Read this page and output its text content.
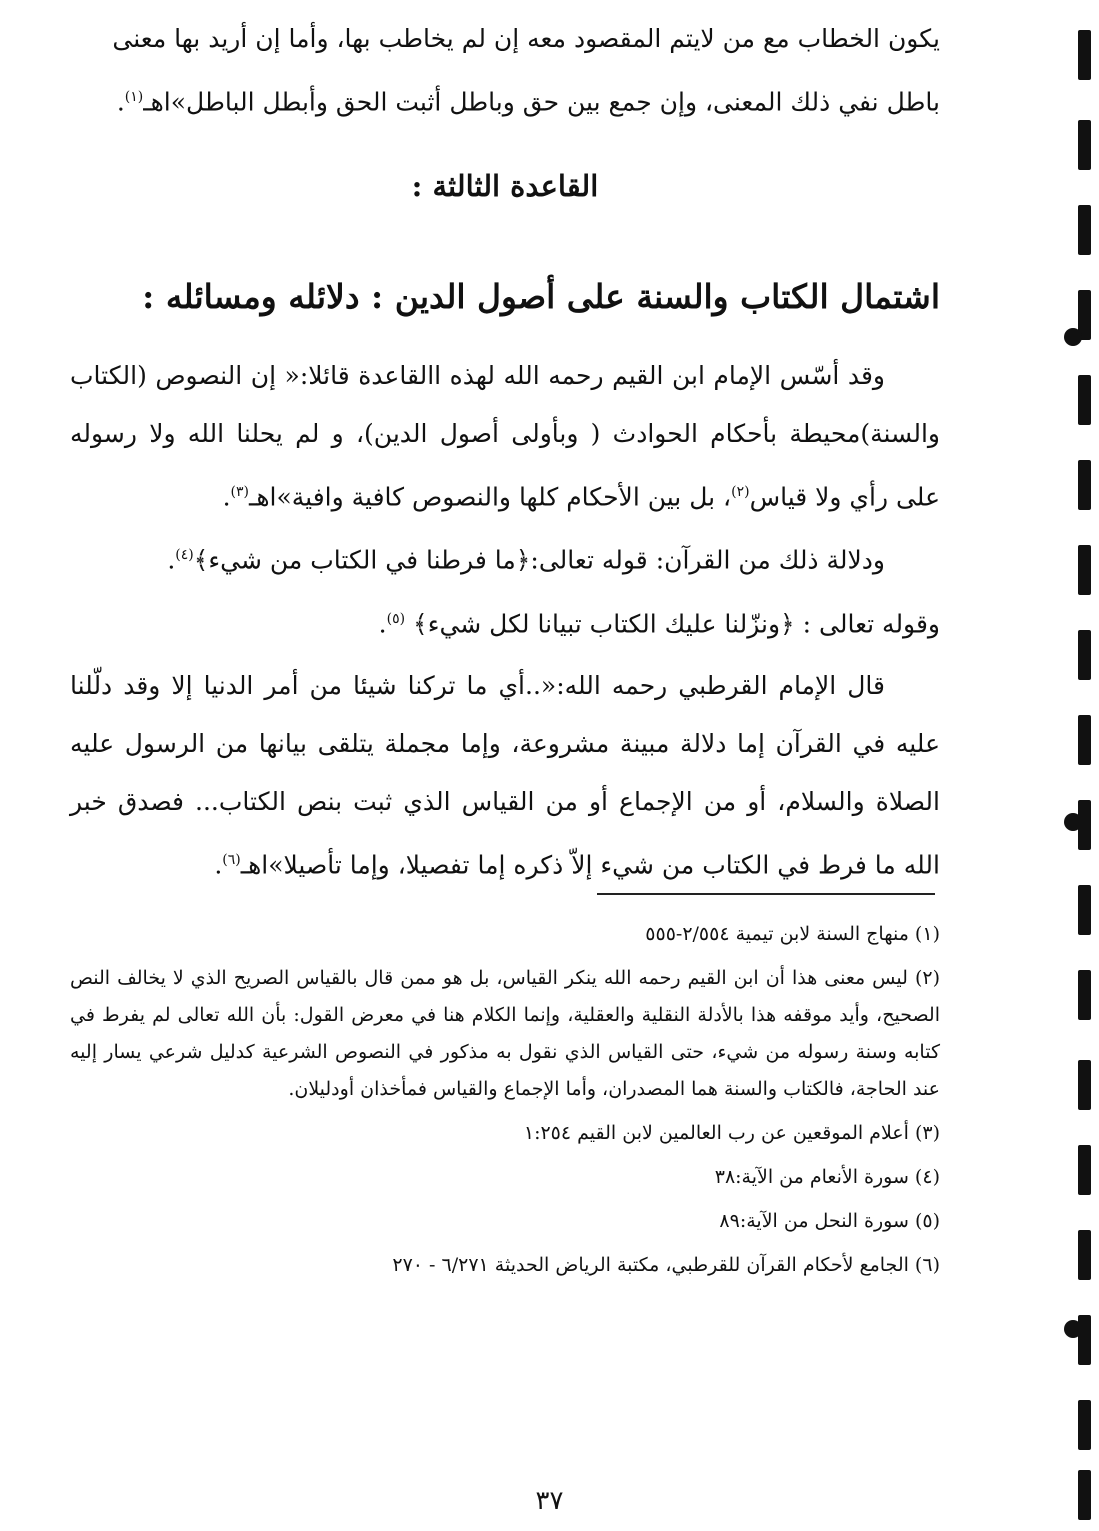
يكون الخطاب مع من لايتم المقصود معه إن لم يخاطب بها، وأما إن أريد بها معنى

باطل نفي ذلك المعنى، وإن جمع بين حق وباطل أثبت الحق وأبطل الباطل»اهـ$^{(١)}$.

القاعدة الثالثة :
اشتمال الكتاب والسنة على أصول الدين : دلائله ومسائله :

وقد أسّس الإمام ابن القيم رحمه الله لهذه االقاعدة قائلا:« إن النصوص (الكتاب والسنة)محيطة بأحكام الحوادث ( وبأولى أصول الدين)، و لم يحلنا الله ولا رسوله على رأي ولا قياس$^{(٢)}$، بل بين الأحكام كلها والنصوص كافية وافية»اهـ$^{(٣)}$.

ودلالة ذلك من القرآن: قوله تعالى:﴿ما فرطنا في الكتاب من شيء﴾$^{(٤)}$.

وقوله تعالى : ﴿ونزّلنا عليك الكتاب تبيانا لكل شيء﴾ $^{(٥)}$.

قال الإمام القرطبي رحمه الله:«..أي ما تركنا شيئا من أمر الدنيا إلا وقد دلّلنا عليه في القرآن إما دلالة مبينة مشروعة، وإما مجملة يتلقى بيانها من الرسول عليه الصلاة والسلام، أو من الإجماع أو من القياس الذي ثبت بنص الكتاب... فصدق خبر الله ما فرط في الكتاب من شيء إلاّ ذكره إما تفصيلا، وإما تأصيلا»اهـ$^{(٦)}$.

(١) منهاج السنة لابن تيمية ٢/٥٥٤-٥٥٥

(٢) ليس معنى هذا أن ابن القيم رحمه الله ينكر القياس، بل هو ممن قال بالقياس الصريح الذي لا يخالف النص الصحيح، وأيد موقفه هذا بالأدلة النقلية والعقلية، وإنما الكلام هنا في معرض القول: بأن الله تعالى لم يفرط في كتابه وسنة رسوله من شيء، حتى القياس الذي نقول به مذكور في النصوص الشرعية كدليل شرعي يسار إليه عند الحاجة، فالكتاب والسنة هما المصدران، وأما الإجماع والقياس فمأخذان أودليلان.

(٣) أعلام الموقعين عن رب العالمين لابن القيم ١:٢٥٤

(٤) سورة الأنعام من الآية:٣٨

(٥) سورة النحل من الآية:٨٩

(٦) الجامع لأحكام القرآن للقرطبي، مكتبة الرياض الحديثة ٦/٢٧١ - ٢٧٠

٣٧
